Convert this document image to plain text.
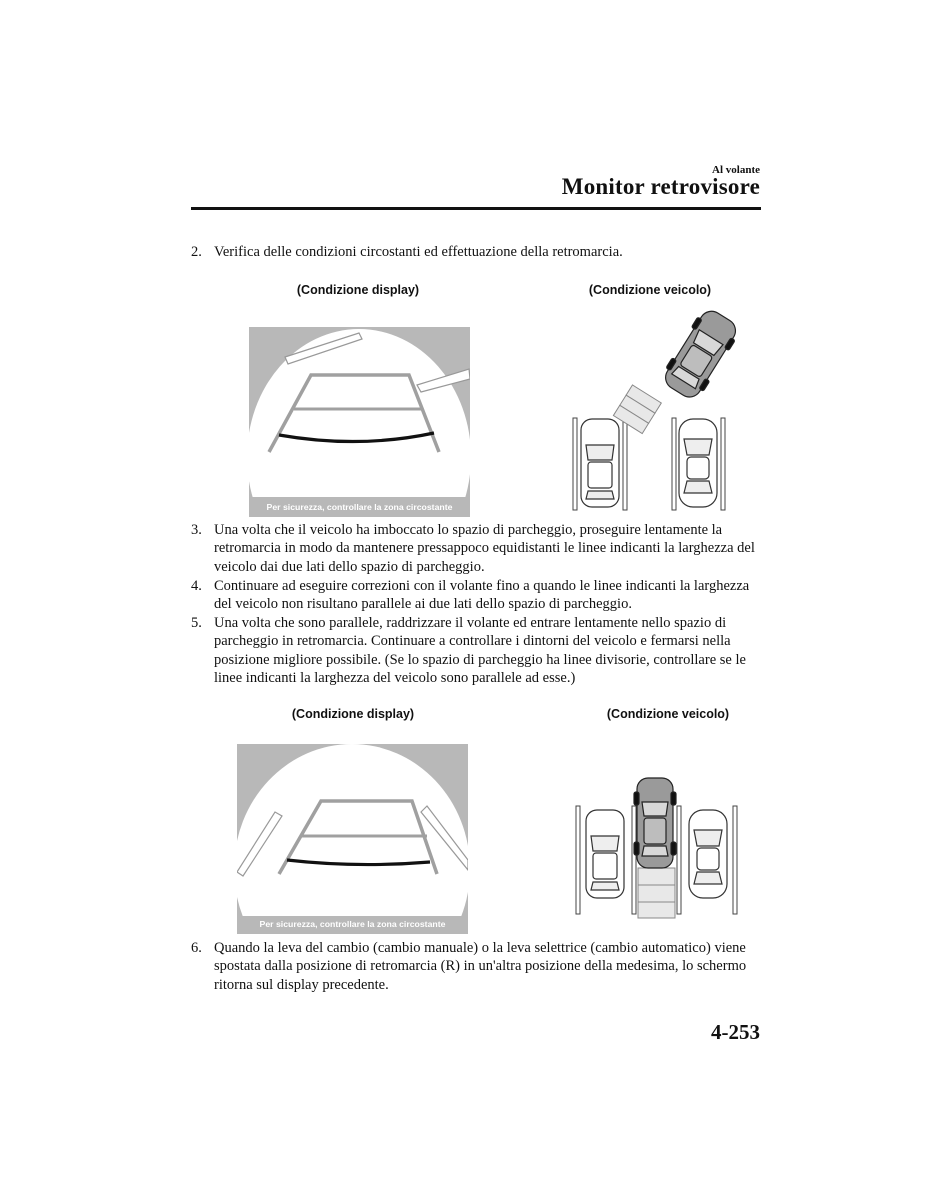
Al volante
Monitor retrovisore
2. Verifica delle condizioni circostanti ed effettuazione della retromarcia.
(Condizione display)	(Condizione veicolo)
Per sicurezza, controllare la zona circostante
3. Una volta che il veicolo ha imboccato lo spazio di parcheggio, proseguire lentamente la retromarcia in modo da mantenere pressappoco equidistanti le linee indicanti la larghezza del veicolo dai due lati dello spazio di parcheggio.
4. Continuare ad eseguire correzioni con il volante fino a quando le linee indicanti la larghezza del veicolo non risultano parallele ai due lati dello spazio di parcheggio.
5. Una volta che sono parallele, raddrizzare il volante ed entrare lentamente nello spazio di parcheggio in retromarcia. Continuare a controllare i dintorni del veicolo e fermarsi nella posizione migliore possibile. (Se lo spazio di parcheggio ha linee divisorie, controllare se le linee indicanti la larghezza del veicolo sono parallele ad esse.)
(Condizione display)	(Condizione veicolo)
Per sicurezza, controllare la zona circostante
6. Quando la leva del cambio (cambio manuale) o la leva selettrice (cambio automatico) viene spostata dalla posizione di retromarcia (R) in un'altra posizione della medesima, lo schermo ritorna sul display precedente.
4-253
